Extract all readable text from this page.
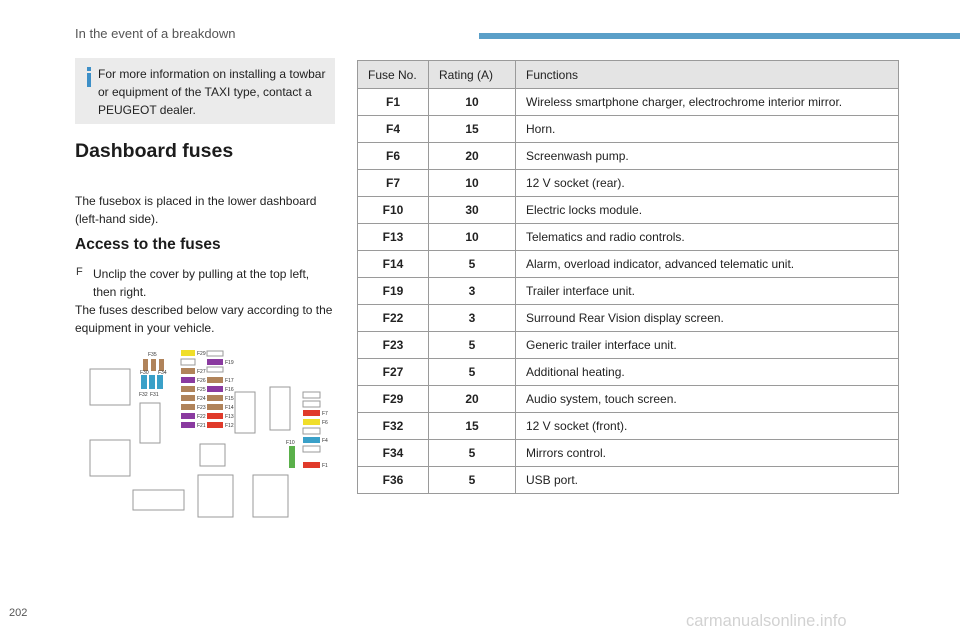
In the event of a breakdown
For more information on installing a towbar or equipment of the TAXI type, contact a PEUGEOT dealer.
Dashboard fuses

The fusebox is placed in the lower dashboard (left-hand side).

Access to the fuses
F Unclip the cover by pulling at the top left, then right.

The fuses described below vary according to the equipment in your vehicle.

F35
F30 F34
F32 F31
F29
F27
F26
F25
F24
F23
F22
F21
F19
F17
F16
F15
F14
F13
F12
F7
F6
F4
F1
F10
Fuse No.	Rating (A)	Functions
F1	10	Wireless smartphone charger, electrochrome interior mirror.
F4	15	Horn.
F6	20	Screenwash pump.
F7	10	12 V socket (rear).
F10	30	Electric locks module.
F13	10	Telematics and radio controls.
F14	5	Alarm, overload indicator, advanced telematic unit.
F19	3	Trailer interface unit.
F22	3	Surround Rear Vision display screen.
F23	5	Generic trailer interface unit.
F27	5	Additional heating.
F29	20	Audio system, touch screen.
F32	15	12 V socket (front).
F34	5	Mirrors control.
F36	5	USB port.
202	carmanualsonline.info
